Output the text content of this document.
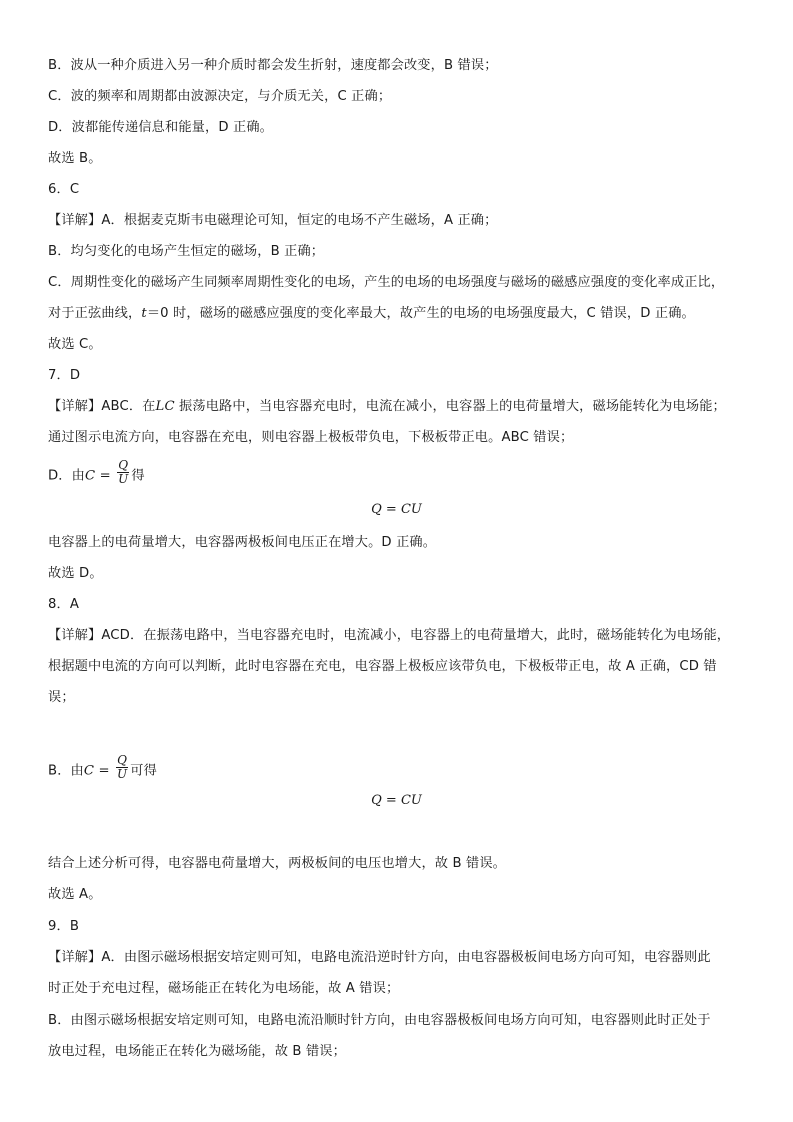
B．波从一种介质进入另一种介质时都会发生折射，速度都会改变，B 错误；
C．波的频率和周期都由波源决定，与介质无关，C 正确；
D．波都能传递信息和能量，D 正确。
故选 B。
6．C
【详解】A．根据麦克斯韦电磁理论可知，恒定的电场不产生磁场，A 正确；
B．均匀变化的电场产生恒定的磁场，B 正确；
C．周期性变化的磁场产生同频率周期性变化的电场，产生的电场的电场强度与磁场的磁感应强度的变化率成正比，
对于正弦曲线，t＝0 时，磁场的磁感应强度的变化率最大，故产生的电场的电场强度最大，C 错误，D 正确。
故选 C。
7．D
【详解】ABC．在LC 振荡电路中，当电容器充电时，电流在减小，电容器上的电荷量增大，磁场能转化为电场能；
通过图示电流方向，电容器在充电，则电容器上极板带负电，下极板带正电。ABC 错误；
D．由$C = \frac{Q}{U}$ 得
Q = CU
电容器上的电荷量增大，电容器两极板间电压正在增大。D 正确。
故选 D。
8．A
【详解】ACD．在振荡电路中，当电容器充电时，电流减小，电容器上的电荷量增大，此时，磁场能转化为电场能，
根据题中电流的方向可以判断，此时电容器在充电，电容器上极板应该带负电，下极板带正电，故 A 正确，CD 错
误；
B．由$C = \frac{Q}{U}$ 可得
Q = CU
结合上述分析可得，电容器电荷量增大，两极板间的电压也增大，故 B 错误。
故选 A。
9．B
【详解】A．由图示磁场根据安培定则可知，电路电流沿逆时针方向，由电容器极板间电场方向可知，电容器则此
时正处于充电过程，磁场能正在转化为电场能，故 A 错误；
B．由图示磁场根据安培定则可知，电路电流沿顺时针方向，由电容器极板间电场方向可知，电容器则此时正处于
放电过程，电场能正在转化为磁场能，故 B 错误；
